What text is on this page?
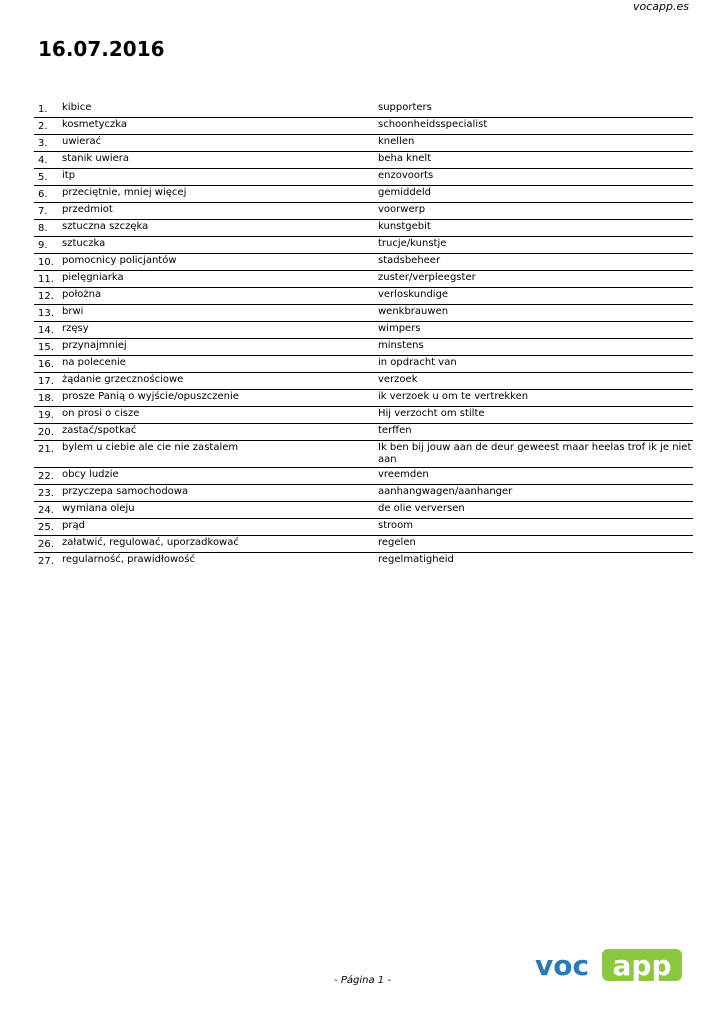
vocapp.es
16.07.2016
1.	kibice	supporters
2.	kosmetyczka	schoonheidsspecialist
3.	uwierać	knellen
4.	stanik uwiera	beha knelt
5.	itp	enzovoorts
6.	przeciętnie, mniej więcej	gemiddeld
7.	przedmiot	voorwerp
8.	sztuczna szczęka	kunstgebit
9.	sztuczka	trucje/kunstje
10.	pomocnicy policjantów	stadsbeheer
11.	pielęgniarka	zuster/verpleegster
12.	położna	verloskundige
13.	brwi	wenkbrauwen
14.	rzęsy	wimpers
15.	przynajmniej	minstens
16.	na polecenie	in opdracht van
17.	żądanie grzecznościowe	verzoek
18.	prosze Panią o wyjście/opuszczenie	ik verzoek u om te vertrekken
19.	on prosi o cisze	Hij verzocht om stilte
20.	zastać/spotkać	terffen
21.	bylem u ciebie ale cie nie zastalem	Ik ben bij jouw aan de deur geweest maar heelas trof ik je niet aan
22.	obcy ludzie	vreemden
23.	przyczepa samochodowa	aanhangwagen/aanhanger
24.	wymiana oleju	de olie verversen
25.	prąd	stroom
26.	załatwić, regulować, uporzadkować	regelen
27.	regularność, prawidłowość	regelmatigheid
- Página 1 -	voc app
